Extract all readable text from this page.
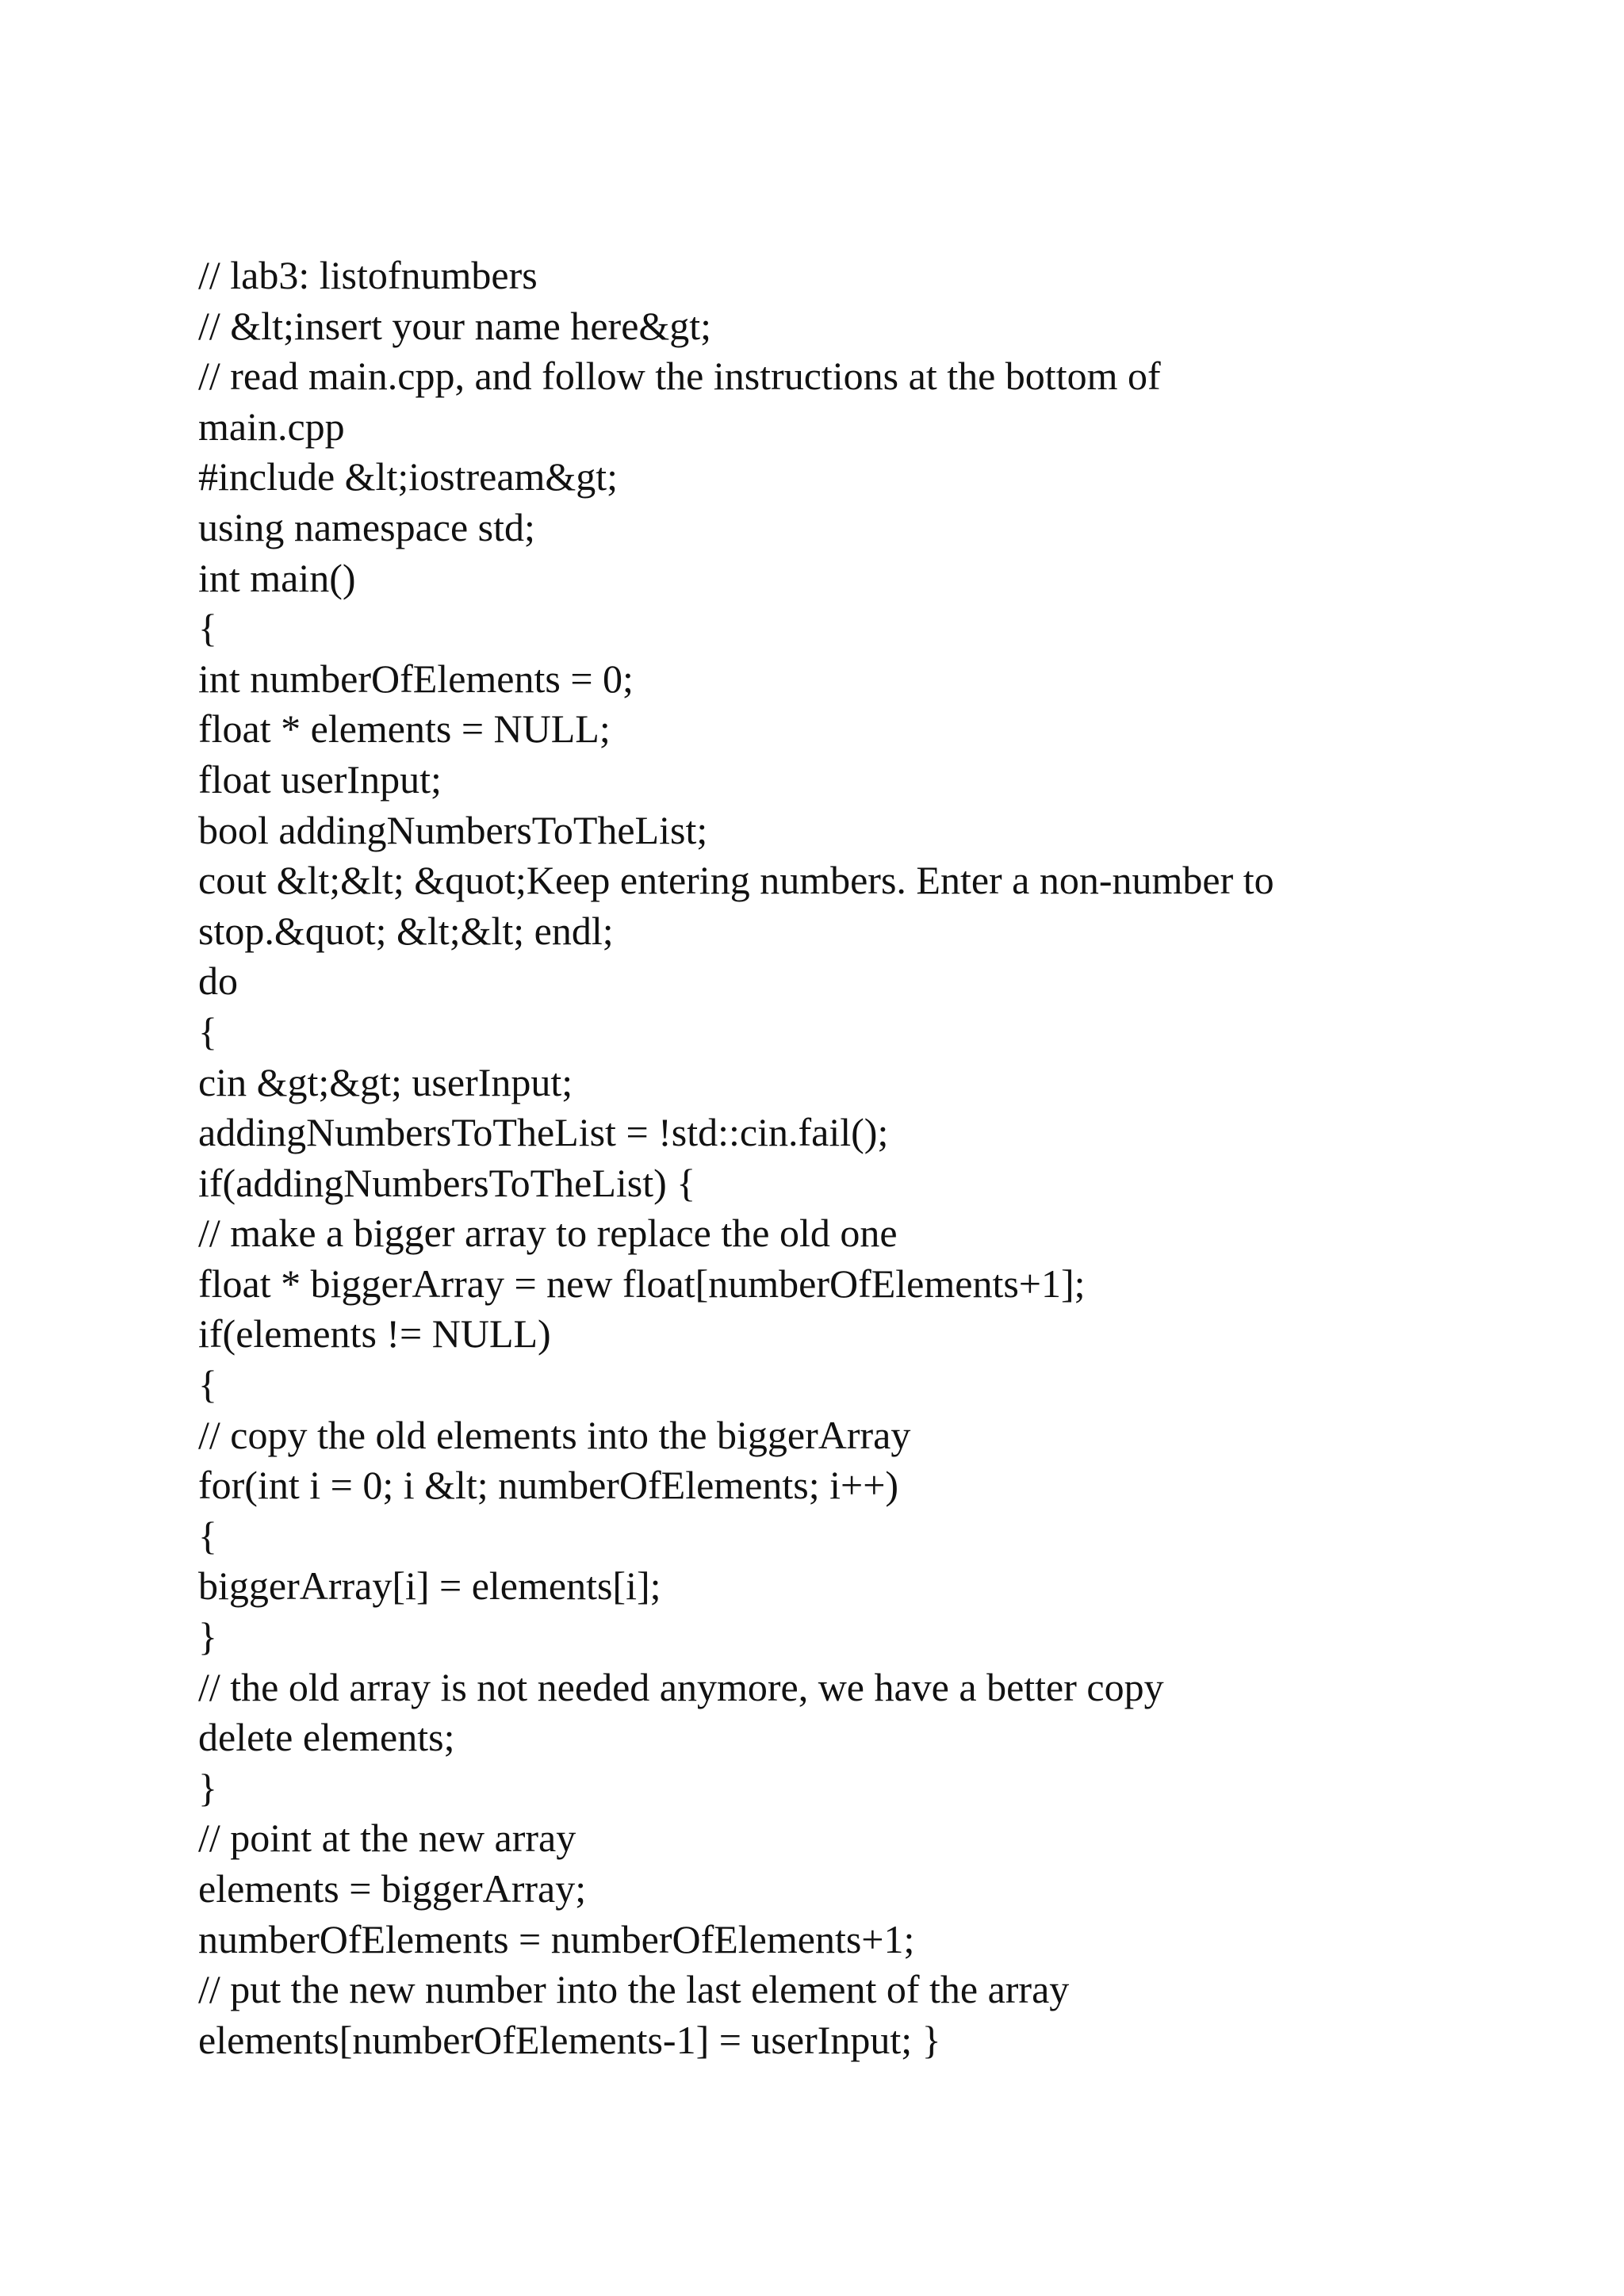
// lab3: listofnumbers

// &lt;insert your name here&gt;

// read main.cpp, and follow the instructions at the bottom of

main.cpp

#include &lt;iostream&gt;

using namespace std;

int main()

{

int numberOfElements = 0;

float * elements = NULL;

float userInput;

bool addingNumbersToTheList;

cout &lt;&lt; &quot;Keep entering numbers. Enter a non-number to

stop.&quot; &lt;&lt; endl;

do

{

cin &gt;&gt; userInput;

addingNumbersToTheList = !std::cin.fail();

if(addingNumbersToTheList) {

// make a bigger array to replace the old one

float * biggerArray = new float[numberOfElements+1];

if(elements != NULL)

{

// copy the old elements into the biggerArray

for(int i = 0; i &lt; numberOfElements; i++)

{

biggerArray[i] = elements[i];

}

// the old array is not needed anymore, we have a better copy

delete elements;

}

// point at the new array

elements = biggerArray;

numberOfElements = numberOfElements+1;

// put the new number into the last element of the array

elements[numberOfElements-1] = userInput; }
